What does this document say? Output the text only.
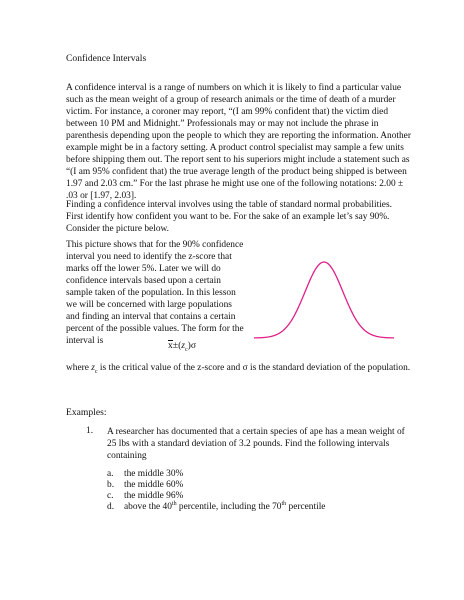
Confidence Intervals

A confidence interval is a range of numbers on which it is likely to find a particular value such as the mean weight of a group of research animals or the time of death of a murder victim. For instance, a coroner may report, “(I am 99% confident that) the victim died between 10 PM and Midnight.” Professionals may or may not include the phrase in parenthesis depending upon the people to which they are reporting the information. Another example might be in a factory setting. A product control specialist may sample a few units before shipping them out. The report sent to his superiors might include a statement such as “(I am 95% confident that) the true average length of the product being shipped is between 1.97 and 2.03 cm.” For the last phrase he might use one of the following notations: 2.00 ± .03 or [1.97, 2.03].

Finding a confidence interval involves using the table of standard normal probabilities. First identify how confident you want to be. For the sake of an example let’s say 90%. Consider the picture below.

This picture shows that for the 90% confidence interval you need to identify the z-score that marks off the lower 5%. Later we will do confidence intervals based upon a certain sample taken of the population. In this lesson we will be concerned with large populations and finding an interval that contains a certain percent of the possible values. The form for the interval is	$x\pm(z_c)\sigma$

where $z_c$ is the critical value of the z-score and σ is the standard deviation of the population.

Examples:
1. A researcher has documented that a certain species of ape has a mean weight of 25 lbs with a standard deviation of 3.2 pounds. Find the following intervals containing
a. the middle 30%
b. the middle 60%
c. the middle 96%
d. above the 40th percentile, including the 70th percentile
